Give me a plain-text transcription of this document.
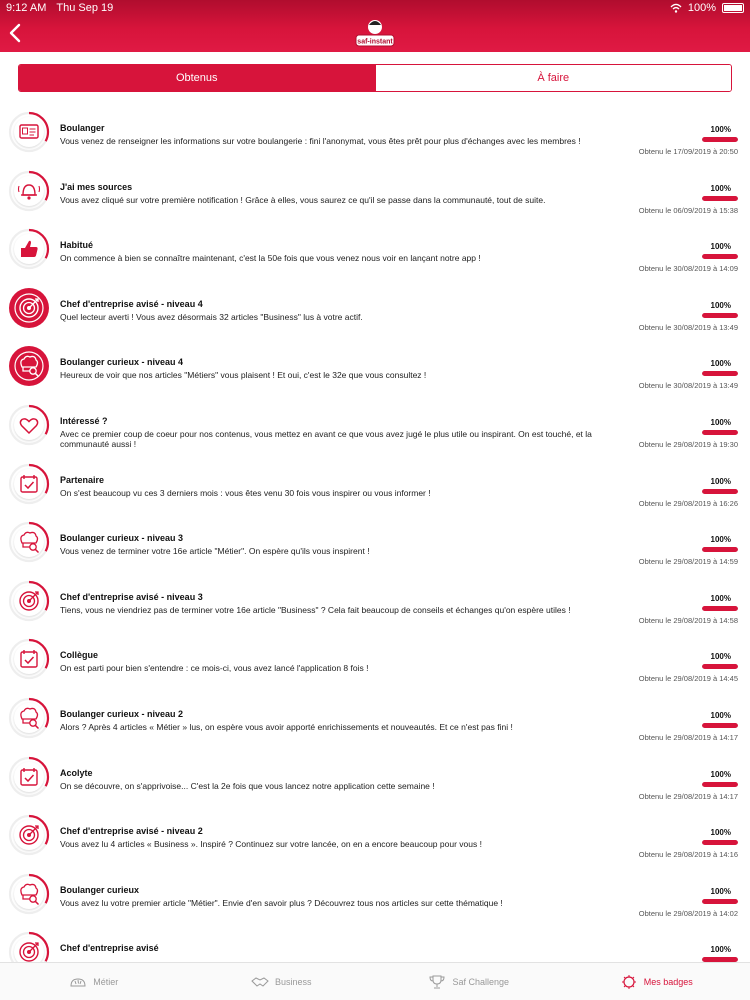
9:12 AM Thu Sep 19	100%
saf-instant
Obtenus	À faire
Boulanger
Vous venez de renseigner les informations sur votre boulangerie : fini l'anonymat, vous êtes prêt pour plus d'échanges avec les membres !
100%
Obtenu le 17/09/2019 à 20:50
J'ai mes sources
Vous avez cliqué sur votre première notification ! Grâce à elles, vous saurez ce qu'il se passe dans la communauté, tout de suite.
100%
Obtenu le 06/09/2019 à 15:38
Habitué
On commence à bien se connaître maintenant, c'est la 50e fois que vous venez nous voir en lançant notre app !
100%
Obtenu le 30/08/2019 à 14:09
Chef d'entreprise avisé - niveau 4
Quel lecteur averti ! Vous avez désormais 32 articles "Business" lus à votre actif.
100%
Obtenu le 30/08/2019 à 13:49
Boulanger curieux - niveau 4
Heureux de voir que nos articles "Métiers" vous plaisent ! Et oui, c'est le 32e que vous consultez !
100%
Obtenu le 30/08/2019 à 13:49
Intéressé ?
Avec ce premier coup de coeur pour nos contenus, vous mettez en avant ce que vous avez jugé le plus utile ou inspirant. On est touché, et la communauté aussi !
100%
Obtenu le 29/08/2019 à 19:30
Partenaire
On s'est beaucoup vu ces 3 derniers mois : vous êtes venu 30 fois vous inspirer ou vous informer !
100%
Obtenu le 29/08/2019 à 16:26
Boulanger curieux - niveau 3
Vous venez de terminer votre 16e article "Métier". On espère qu'ils vous inspirent !
100%
Obtenu le 29/08/2019 à 14:59
Chef d'entreprise avisé - niveau 3
Tiens, vous ne viendriez pas de terminer votre 16e article "Business" ? Cela fait beaucoup de conseils et échanges qu'on espère utiles !
100%
Obtenu le 29/08/2019 à 14:58
Collègue
On est parti pour bien s'entendre : ce mois-ci, vous avez lancé l'application 8 fois !
100%
Obtenu le 29/08/2019 à 14:45
Boulanger curieux - niveau 2
Alors ? Après 4 articles « Métier » lus, on espère vous avoir apporté enrichissements et nouveautés. Et ce n'est pas fini !
100%
Obtenu le 29/08/2019 à 14:17
Acolyte
On se découvre, on s'apprivoise... C'est la 2e fois que vous lancez notre application cette semaine !
100%
Obtenu le 29/08/2019 à 14:17
Chef d'entreprise avisé - niveau 2
Vous avez lu 4 articles « Business ». Inspiré ? Continuez sur votre lancée, on en a encore beaucoup pour vous !
100%
Obtenu le 29/08/2019 à 14:16
Boulanger curieux
Vous avez lu votre premier article "Métier". Envie d'en savoir plus ? Découvrez tous nos articles sur cette thématique !
100%
Obtenu le 29/08/2019 à 14:02
Chef d'entreprise avisé	100%
Métier	Business	Saf Challenge	Mes badges
